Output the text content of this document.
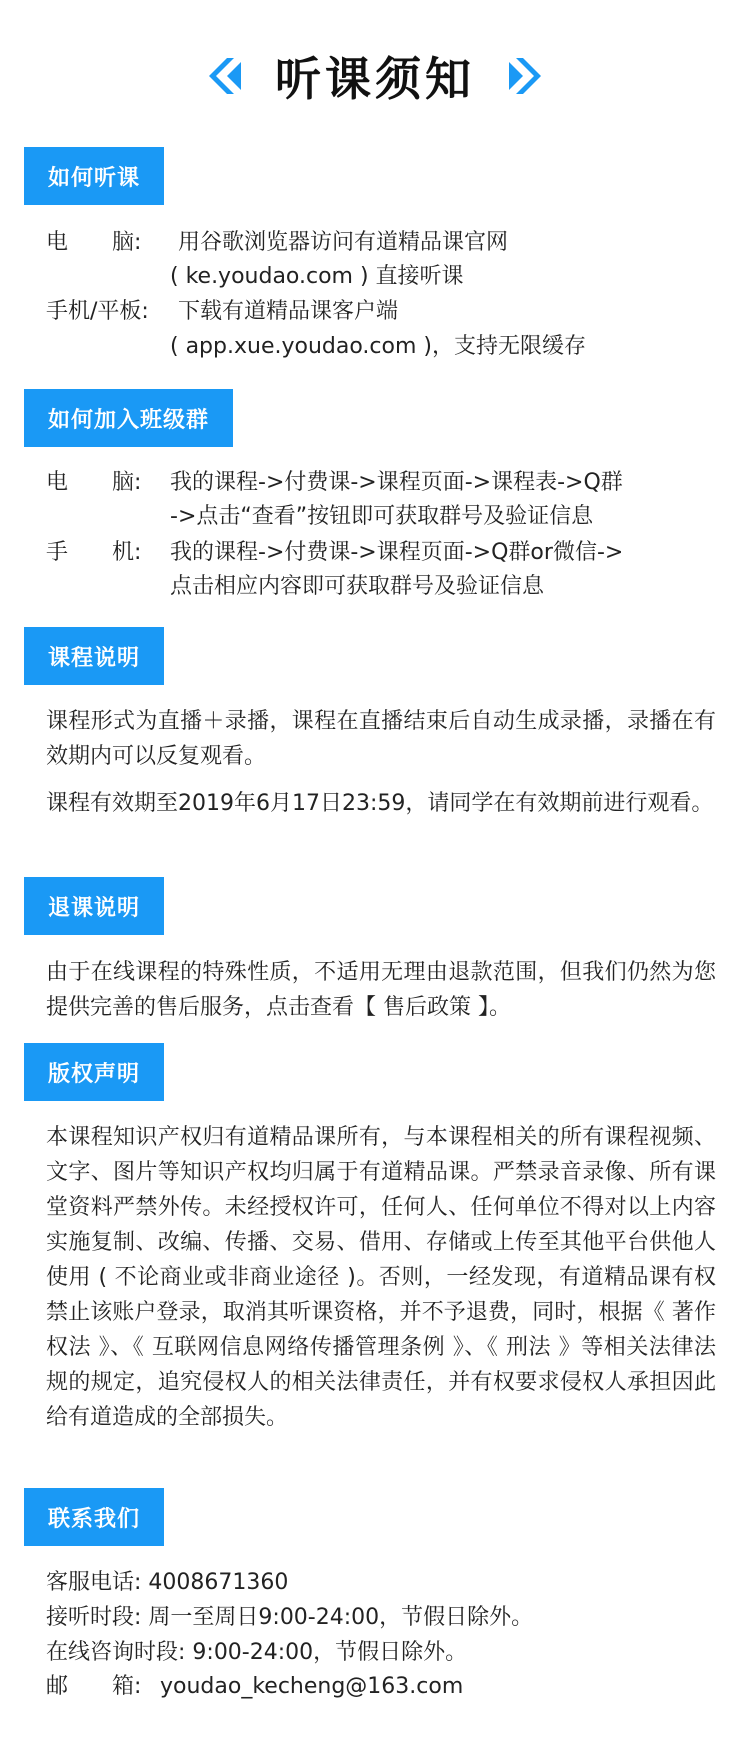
听课须知
如何听课
电　　脑: 用谷歌浏览器访问有道精品课官网
( ke.youdao.com ) 直接听课
手机/平板: 下载有道精品课客户端
( app.xue.youdao.com )，支持无限缓存
如何加入班级群
电　　脑: 我的课程->付费课->课程页面->课程表->Q群
->点击“查看”按钮即可获取群号及验证信息
手　　机: 我的课程->付费课->课程页面->Q群or微信->
点击相应内容即可获取群号及验证信息
课程说明
课程形式为直播＋录播，课程在直播结束后自动生成录播，录播在有效期内可以反复观看。
课程有效期至2019年6月17日23:59，请同学在有效期前进行观看。
退课说明
由于在线课程的特殊性质，不适用无理由退款范围，但我们仍然为您提供完善的售后服务，点击查看【 售后政策 】。
版权声明
本课程知识产权归有道精品课所有，与本课程相关的所有课程视频、文字、图片等知识产权均归属于有道精品课。严禁录音录像、所有课堂资料严禁外传。未经授权许可，任何人、任何单位不得对以上内容实施复制、改编、传播、交易、借用、存储或上传至其他平台供他人使用 ( 不论商业或非商业途径 )。否则，一经发现，有道精品课有权禁止该账户登录，取消其听课资格，并不予退费，同时，根据《 著作权法 》、《 互联网信息网络传播管理条例 》、《 刑法 》等相关法律法规的规定，追究侵权人的相关法律责任，并有权要求侵权人承担因此给有道造成的全部损失。
联系我们
客服电话: 4008671360
接听时段: 周一至周日9:00-24:00，节假日除外。
在线咨询时段: 9:00-24:00，节假日除外。
邮　　箱: youdao_kecheng@163.com
